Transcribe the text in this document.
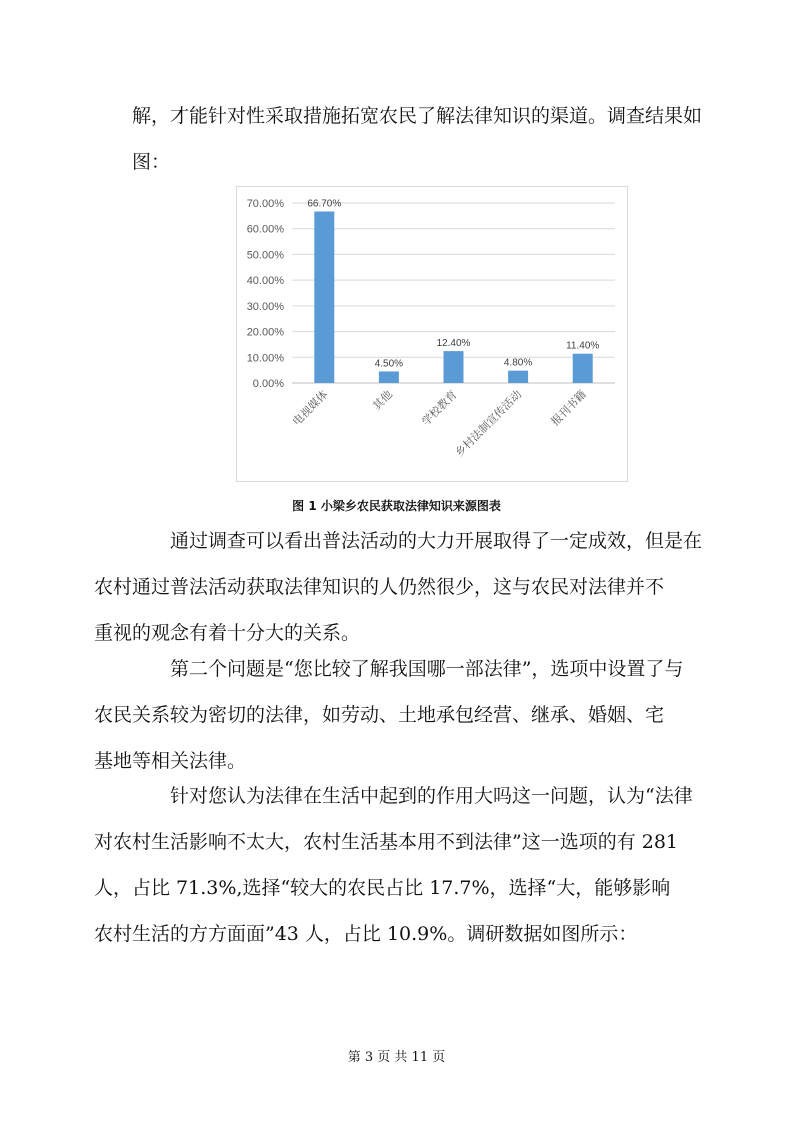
解，才能针对性采取措施拓宽农民了解法律知识的渠道。调查结果如
图：
0.00%
10.00%
20.00%
30.00%
40.00%
50.00%
60.00%
70.00% 66.70%
电视媒体
4.50%
其他
12.40%
学校教育
4.80%
乡村法制宣传活动
11.40%
报刊书籍
图 1 小梁乡农民获取法律知识来源图表
通过调查可以看出普法活动的大力开展取得了一定成效，但是在
农村通过普法活动获取法律知识的人仍然很少，这与农民对法律并不
重视的观念有着十分大的关系。
第二个问题是“您比较了解我国哪一部法律”，选项中设置了与
农民关系较为密切的法律，如劳动、土地承包经营、继承、婚姻、宅
基地等相关法律。
针对您认为法律在生活中起到的作用大吗这一问题，认为“法律
对农村生活影响不太大，农村生活基本用不到法律”这一选项的有 281
人，占比 71.3%,选择“较大的农民占比 17.7%，选择“大，能够影响
农村生活的方方面面”43 人，占比 10.9%。调研数据如图所示：
第 3 页 共 11 页
